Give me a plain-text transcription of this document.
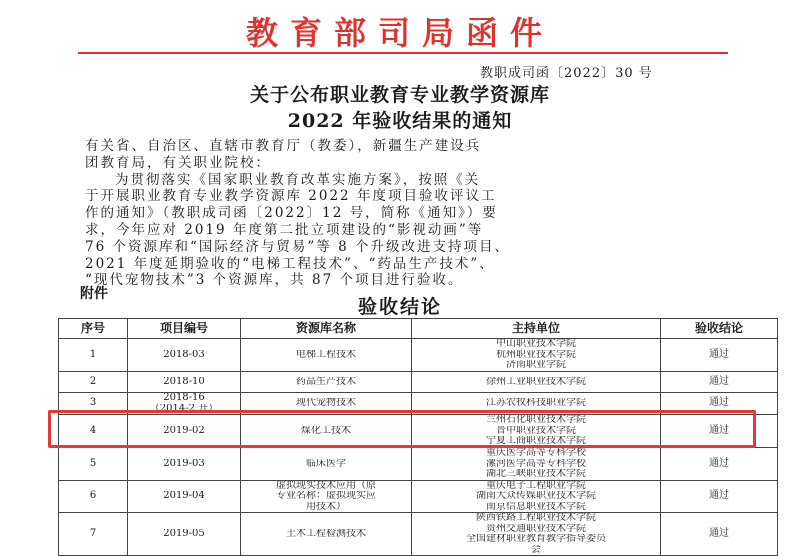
教育部司局函件
教职成司函〔2022〕30 号
关于公布职业教育专业教学资源库
2022 年验收结果的通知
有关省、自治区、直辖市教育厅（教委），新疆生产建设兵
团教育局，有关职业院校：
为贯彻落实《国家职业教育改革实施方案》，按照《关
于开展职业教育专业教学资源库 2022 年度项目验收评议工
作的通知》（教职成司函〔2022〕12 号，简称《通知》）要
求，今年应对 2019 年度第二批立项建设的“影视动画”等
76 个资源库和“国际经济与贸易”等 8 个升级改进支持项目、
2021 年度延期验收的“电梯工程技术”、“药品生产技术”、
“现代宠物技术”3 个资源库，共 87 个项目进行验收。
附件
验收结论
序号	项目编号	资源库名称	主持单位	验收结论
1	2018-03	电梯工程技术	中山职业技术学院
杭州职业技术学院
济南职业学院	通过
2	2018-10	药品生产技术	徐州工业职业技术学院	通过
3	2018-16
（2014-2 升）	现代宠物技术	江苏农牧科技职业学院	通过
4	2019-02	煤化工技术	兰州石化职业技术学院
晋中职业技术学院
宁夏工商职业技术学院	通过
5	2019-03	临床医学	重庆医学高等专科学校
漯河医学高等专科学校
湖北三峡职业技术学院	通过
6	2019-04	虚拟现实技术应用（原
专业名称：虚拟现实应
用技术）	重庆电子工程职业学院
湖南大众传媒职业技术学院
南京信息职业技术学院	通过
7	2019-05	土木工程检测技术	陕西铁路工程职业技术学院
贵州交通职业技术学院
全国建材职业教育教学指导委员
会	通过
